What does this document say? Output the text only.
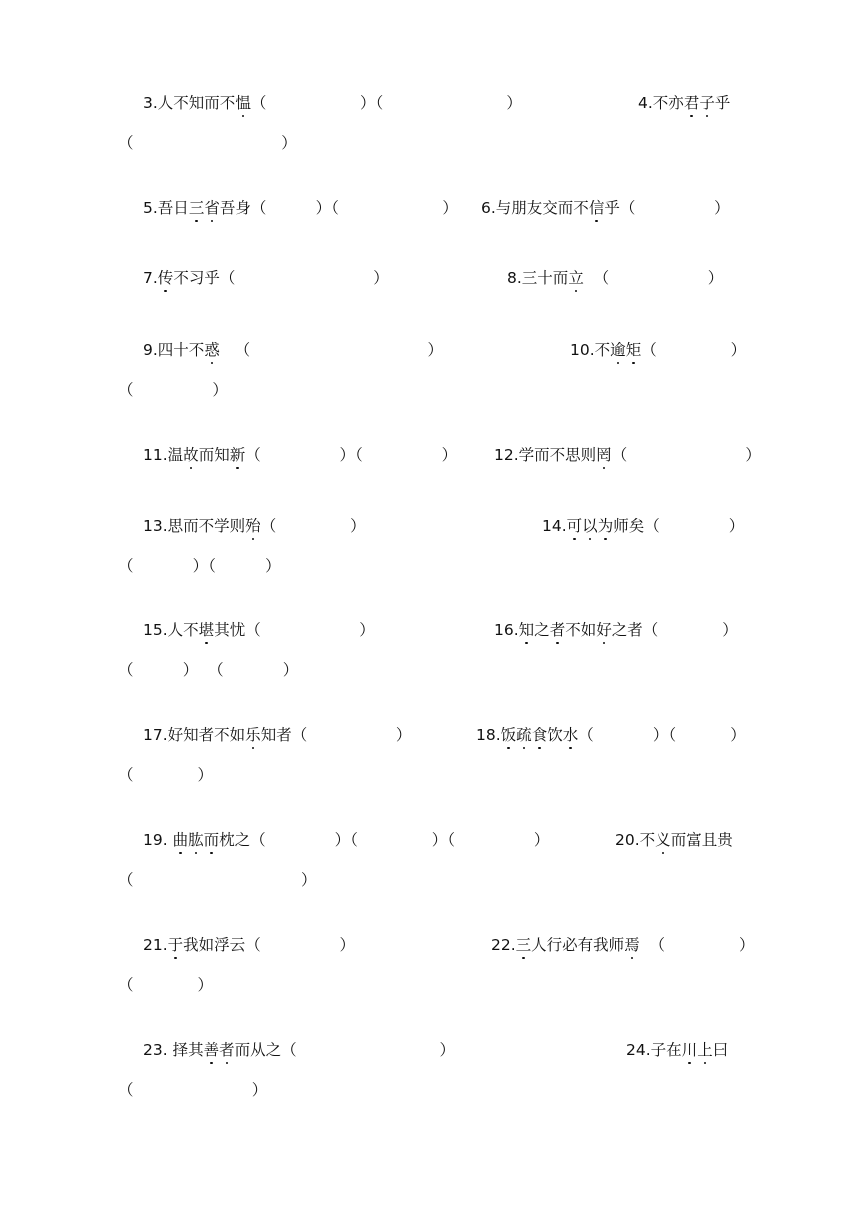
3.人不知而不愠（                   ）（                         ）	4.不亦君子乎
（                              ）
5.吾日三省吾身（          ）（                     ） 6.与朋友交而不信乎（                ）
7.传不习乎（                            ）	8.三十而立  （                    ）
9.四十不惑   （                                    ）	10.不逾矩（               ）
（                ）
11.温故而知新（                ）（                ） 12.学而不思则罔（                        ）
13.思而不学则殆（               ）	14.可以为师矣（              ）
（            ）（          ）
15.人不堪其忧（                    ）	16.知之者不如好之者（             ）
（          ）  （            ）
17.好知者不如乐知者（                  ）	18.饭疏食饮水（            ）（           ）
（             ）
19. 曲肱而枕之（              ）（               ）（                ）	20.不义而富且贵
（                                  ）
21.于我如浮云（                ）	22.三人行必有我师焉  （               ）
（             ）
23. 择其善者而从之（                             ）	24.子在川上曰
（                        ）
